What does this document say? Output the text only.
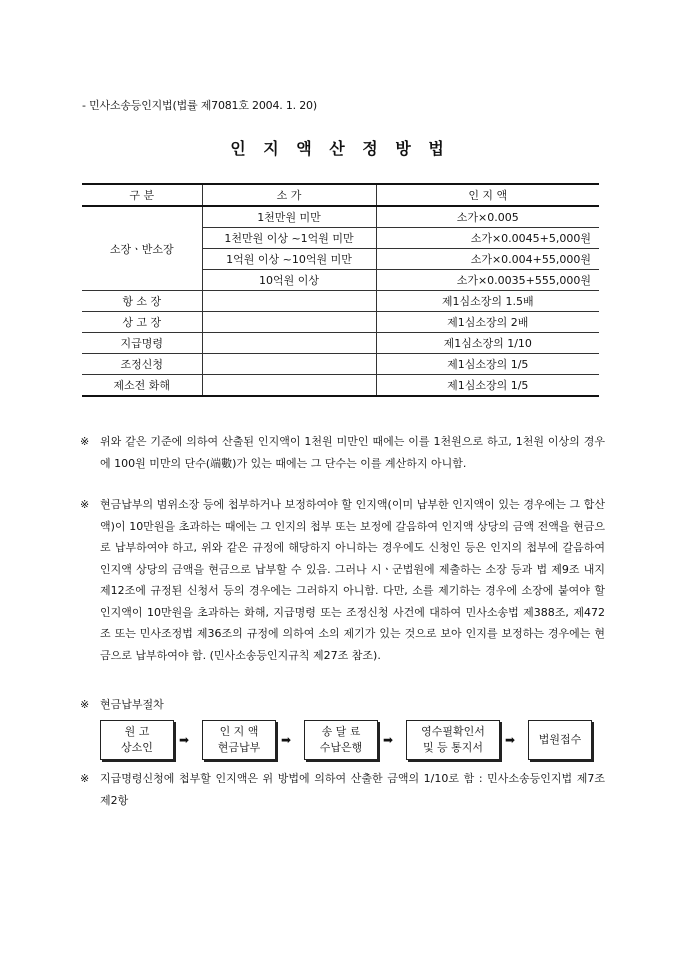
- 민사소송등인지법(법률 제7081호 2004. 1. 20)
인 지 액 산 정 방 법
구 분	소 가	인 지 액
소장ㆍ반소장	1천만원 미만	소가×0.005
	1천만원 이상 ~1억원 미만	소가×0.0045+5,000원
	1억원 이상 ~10억원 미만	소가×0.004+55,000원
	10억원 이상	소가×0.0035+555,000원
항 소 장		제1심소장의 1.5배
상 고 장		제1심소장의 2배
지급명령		제1심소장의 1/10
조정신청		제1심소장의 1/5
제소전 화해		제1심소장의 1/5
※ 위와 같은 기준에 의하여 산출된 인지액이 1천원 미만인 때에는 이를 1천원으로 하고, 1천원 이상의 경우에 100원 미만의 단수(端數)가 있는 때에는 그 단수는 이를 계산하지 아니함.
※ 현금납부의 범위소장 등에 첩부하거나 보정하여야 할 인지액(이미 납부한 인지액이 있는 경우에는 그 합산액)이 10만원을 초과하는 때에는 그 인지의 첩부 또는 보정에 갈음하여 인지액 상당의 금액 전액을 현금으로 납부하여야 하고, 위와 같은 규정에 해당하지 아니하는 경우에도 신청인 등은 인지의 첩부에 갈음하여 인지액 상당의 금액을 현금으로 납부할 수 있음. 그러나 시ㆍ군법원에 제출하는 소장 등과 법 제9조 내지 제12조에 규정된 신청서 등의 경우에는 그러하지 아니함. 다만, 소를 제기하는 경우에 소장에 붙여야 할 인지액이 10만원을 초과하는 화해, 지급명령 또는 조정신청 사건에 대하여 민사소송법 제388조, 제472조 또는 민사조정법 제36조의 규정에 의하여 소의 제기가 있는 것으로 보아 인지를 보정하는 경우에는 현금으로 납부하여야 함. (민사소송등인지규칙 제27조 참조).
※ 현금납부절차
원 고
상소인
➡
인 지 액
현금납부
➡
송 달 료
수납은행
➡
영수필확인서
및 등 통지서
➡ 법원접수
※ 지급명령신청에 첩부할 인지액은 위 방법에 의하여 산출한 금액의 1/10로 함 : 민사소송등인지법 제7조 제2항
